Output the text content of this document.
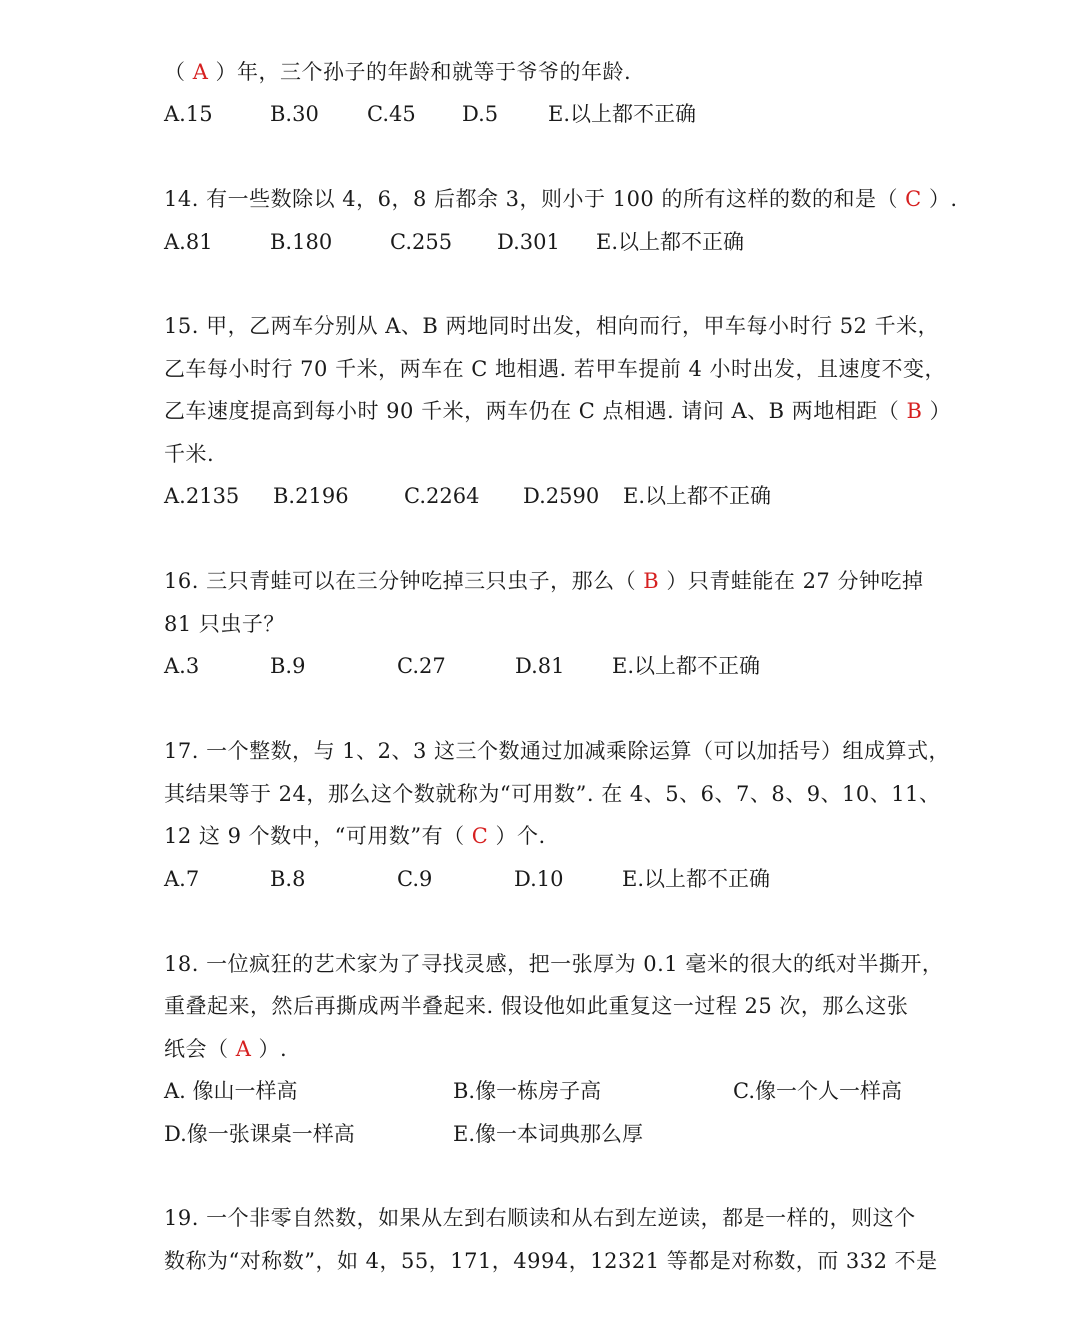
（ A ）年，三个孙子的年龄和就等于爷爷的年龄.
A.15	B.30 C.45 D.5 E.以上都不正确
14. 有一些数除以 4，6，8 后都余 3，则小于 100 的所有这样的数的和是（ C ）.
A.81	B.180	C.255 D.301 E.以上都不正确
15. 甲，乙两车分别从 A、B 两地同时出发，相向而行，甲车每小时行 52 千米，
乙车每小时行 70 千米，两车在 C 地相遇. 若甲车提前 4 小时出发，且速度不变，
乙车速度提高到每小时 90 千米，两车仍在 C 点相遇. 请问 A、B 两地相距（ B ）
千米.
A.2135 B.2196	C.2264 D.2590 E.以上都不正确
16. 三只青蛙可以在三分钟吃掉三只虫子，那么（ B ）只青蛙能在 27 分钟吃掉
81 只虫子？
A.3	B.9	C.27	D.81 E.以上都不正确
17. 一个整数，与 1、2、3 这三个数通过加减乘除运算（可以加括号）组成算式，
其结果等于 24，那么这个数就称为“可用数”. 在 4、5、6、7、8、9、10、11、
12 这 9 个数中，“可用数”有（ C ）个.
A.7	B.8	C.9	D.10	E.以上都不正确
18. 一位疯狂的艺术家为了寻找灵感，把一张厚为 0.1 毫米的很大的纸对半撕开，
重叠起来，然后再撕成两半叠起来. 假设他如此重复这一过程 25 次，那么这张
纸会（ A ）.
A. 像山一样高	B.像一栋房子高	C.像一个人一样高
D.像一张课桌一样高	E.像一本词典那么厚
19. 一个非零自然数，如果从左到右顺读和从右到左逆读，都是一样的，则这个
数称为“对称数”，如 4，55，171，4994，12321 等都是对称数，而 332 不是
